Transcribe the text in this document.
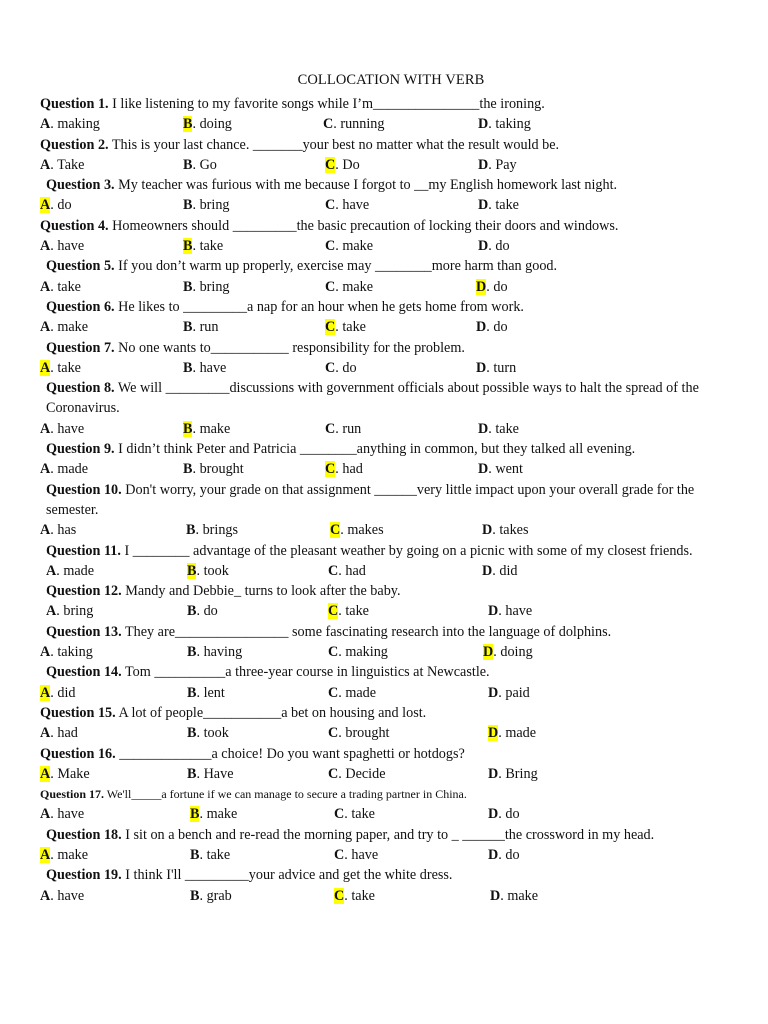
COLLOCATION WITH VERB
Question 1. I like listening to my favorite songs while I’m_______________the ironing.
A. making	B. doing	C. running	D. taking
Question 2. This is your last chance. _______your best no matter what the result would be.
A. Take	B. Go	C. Do	D. Pay
Question 3. My teacher was furious with me because I forgot to __my English homework last night.
A. do	B. bring	C. have	D. take
Question 4. Homeowners should _________the basic precaution of locking their doors and windows.
A. have	B. take	C. make	D. do
Question 5. If you don’t warm up properly, exercise may ________more harm than good.
A. take	B. bring	C. make	D. do
Question 6. He likes to _________a nap for an hour when he gets home from work.
A. make	B. run	C. take	D. do
Question 7. No one wants to___________ responsibility for the problem.
A. take	B. have	C. do	D. turn
Question 8. We will _________discussions with government officials about possible ways to halt the spread of the Coronavirus.
A. have	B. make	C. run	D. take
Question 9. I didn’t think Peter and Patricia ________anything in common, but they talked all evening.
A. made	B. brought	C. had	D. went
Question 10. Don't worry, your grade on that assignment ______very little impact upon your overall grade for the semester.
A. has	B. brings	C. makes	D. takes
Question 11. I ________ advantage of the pleasant weather by going on a picnic with some of my closest friends.
A. made	B. took	C. had	D. did
Question 12. Mandy and Debbie_ turns to look after the baby.
A. bring	B. do	C. take	D. have
Question 13. They are________________ some fascinating research into the language of dolphins.
A. taking	B. having	C. making	D. doing
Question 14. Tom __________a three-year course in linguistics at Newcastle.
A. did	B. lent	C. made	D. paid
Question 15. A lot of people___________a bet on housing and lost.
A. had	B. took	C. brought	D. made
Question 16. _____________a choice! Do you want spaghetti or hotdogs?
A. Make	B. Have	C. Decide	D. Bring
Question 17. We'll_____a fortune if we can manage to secure a trading partner in China.
A. have	B. make	C. take	D. do
Question 18. I sit on a bench and re-read the morning paper, and try to _ ______the crossword in my head.
A. make	B. take	C. have	D. do
Question 19. I think I'll _________your advice and get the white dress.
A. have	B. grab	C. take	D. make
